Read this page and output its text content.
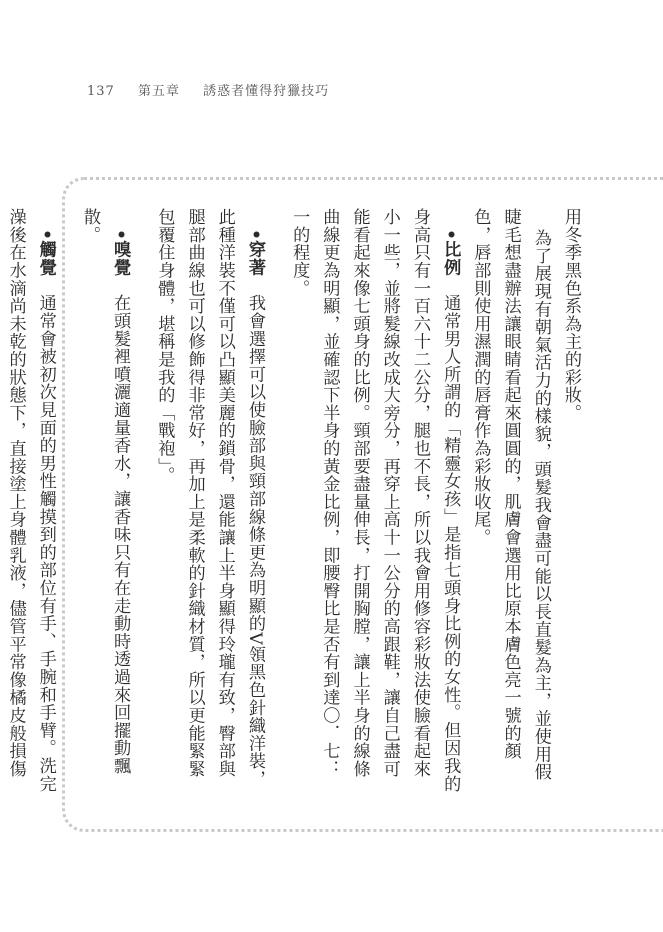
137 第五章 誘惑者懂得狩獵技巧

用冬季黑色系為主的彩妝。

為了展現有朝氣活力的樣貌，頭髮我會盡可能以長直髮為主，並使用假睫毛想盡辦法讓眼睛看起來圓圓的，肌膚會選用比原本膚色亮一號的顏色，唇部則使用濕潤的唇膏作為彩妝收尾。

•比例　通常男人所謂的「精靈女孩」是指七頭身比例的女性。但因我的身高只有一百六十二公分，腿也不長，所以我會用修容彩妝法使臉看起來小一些，並將髮線改成大旁分，再穿上高十一公分的高跟鞋，讓自己盡可能看起來像七頭身的比例。頸部要盡量伸長，打開胸膛，讓上半身的線條曲線更為明顯，並確認下半身的黃金比例，即腰臀比是否有到達〇．七：一的程度。

•穿著　我會選擇可以使臉部與頸部線條更為明顯的V領黑色針織洋裝，此種洋裝不僅可以凸顯美麗的鎖骨，還能讓上半身顯得玲瓏有致，臀部與腿部曲線也可以修飾得非常好，再加上是柔軟的針織材質，所以更能緊緊包覆住身體，堪稱是我的「戰袍」。

•嗅覺　在頭髮裡噴灑適量香水，讓香味只有在走動時透過來回擺動飄散。

•觸覺　通常會被初次見面的男性觸摸到的部位有手、手腕和手臂。洗完澡後在水滴尚未乾的狀態下，直接塗上身體乳液，儘管平常像橘皮般損傷
